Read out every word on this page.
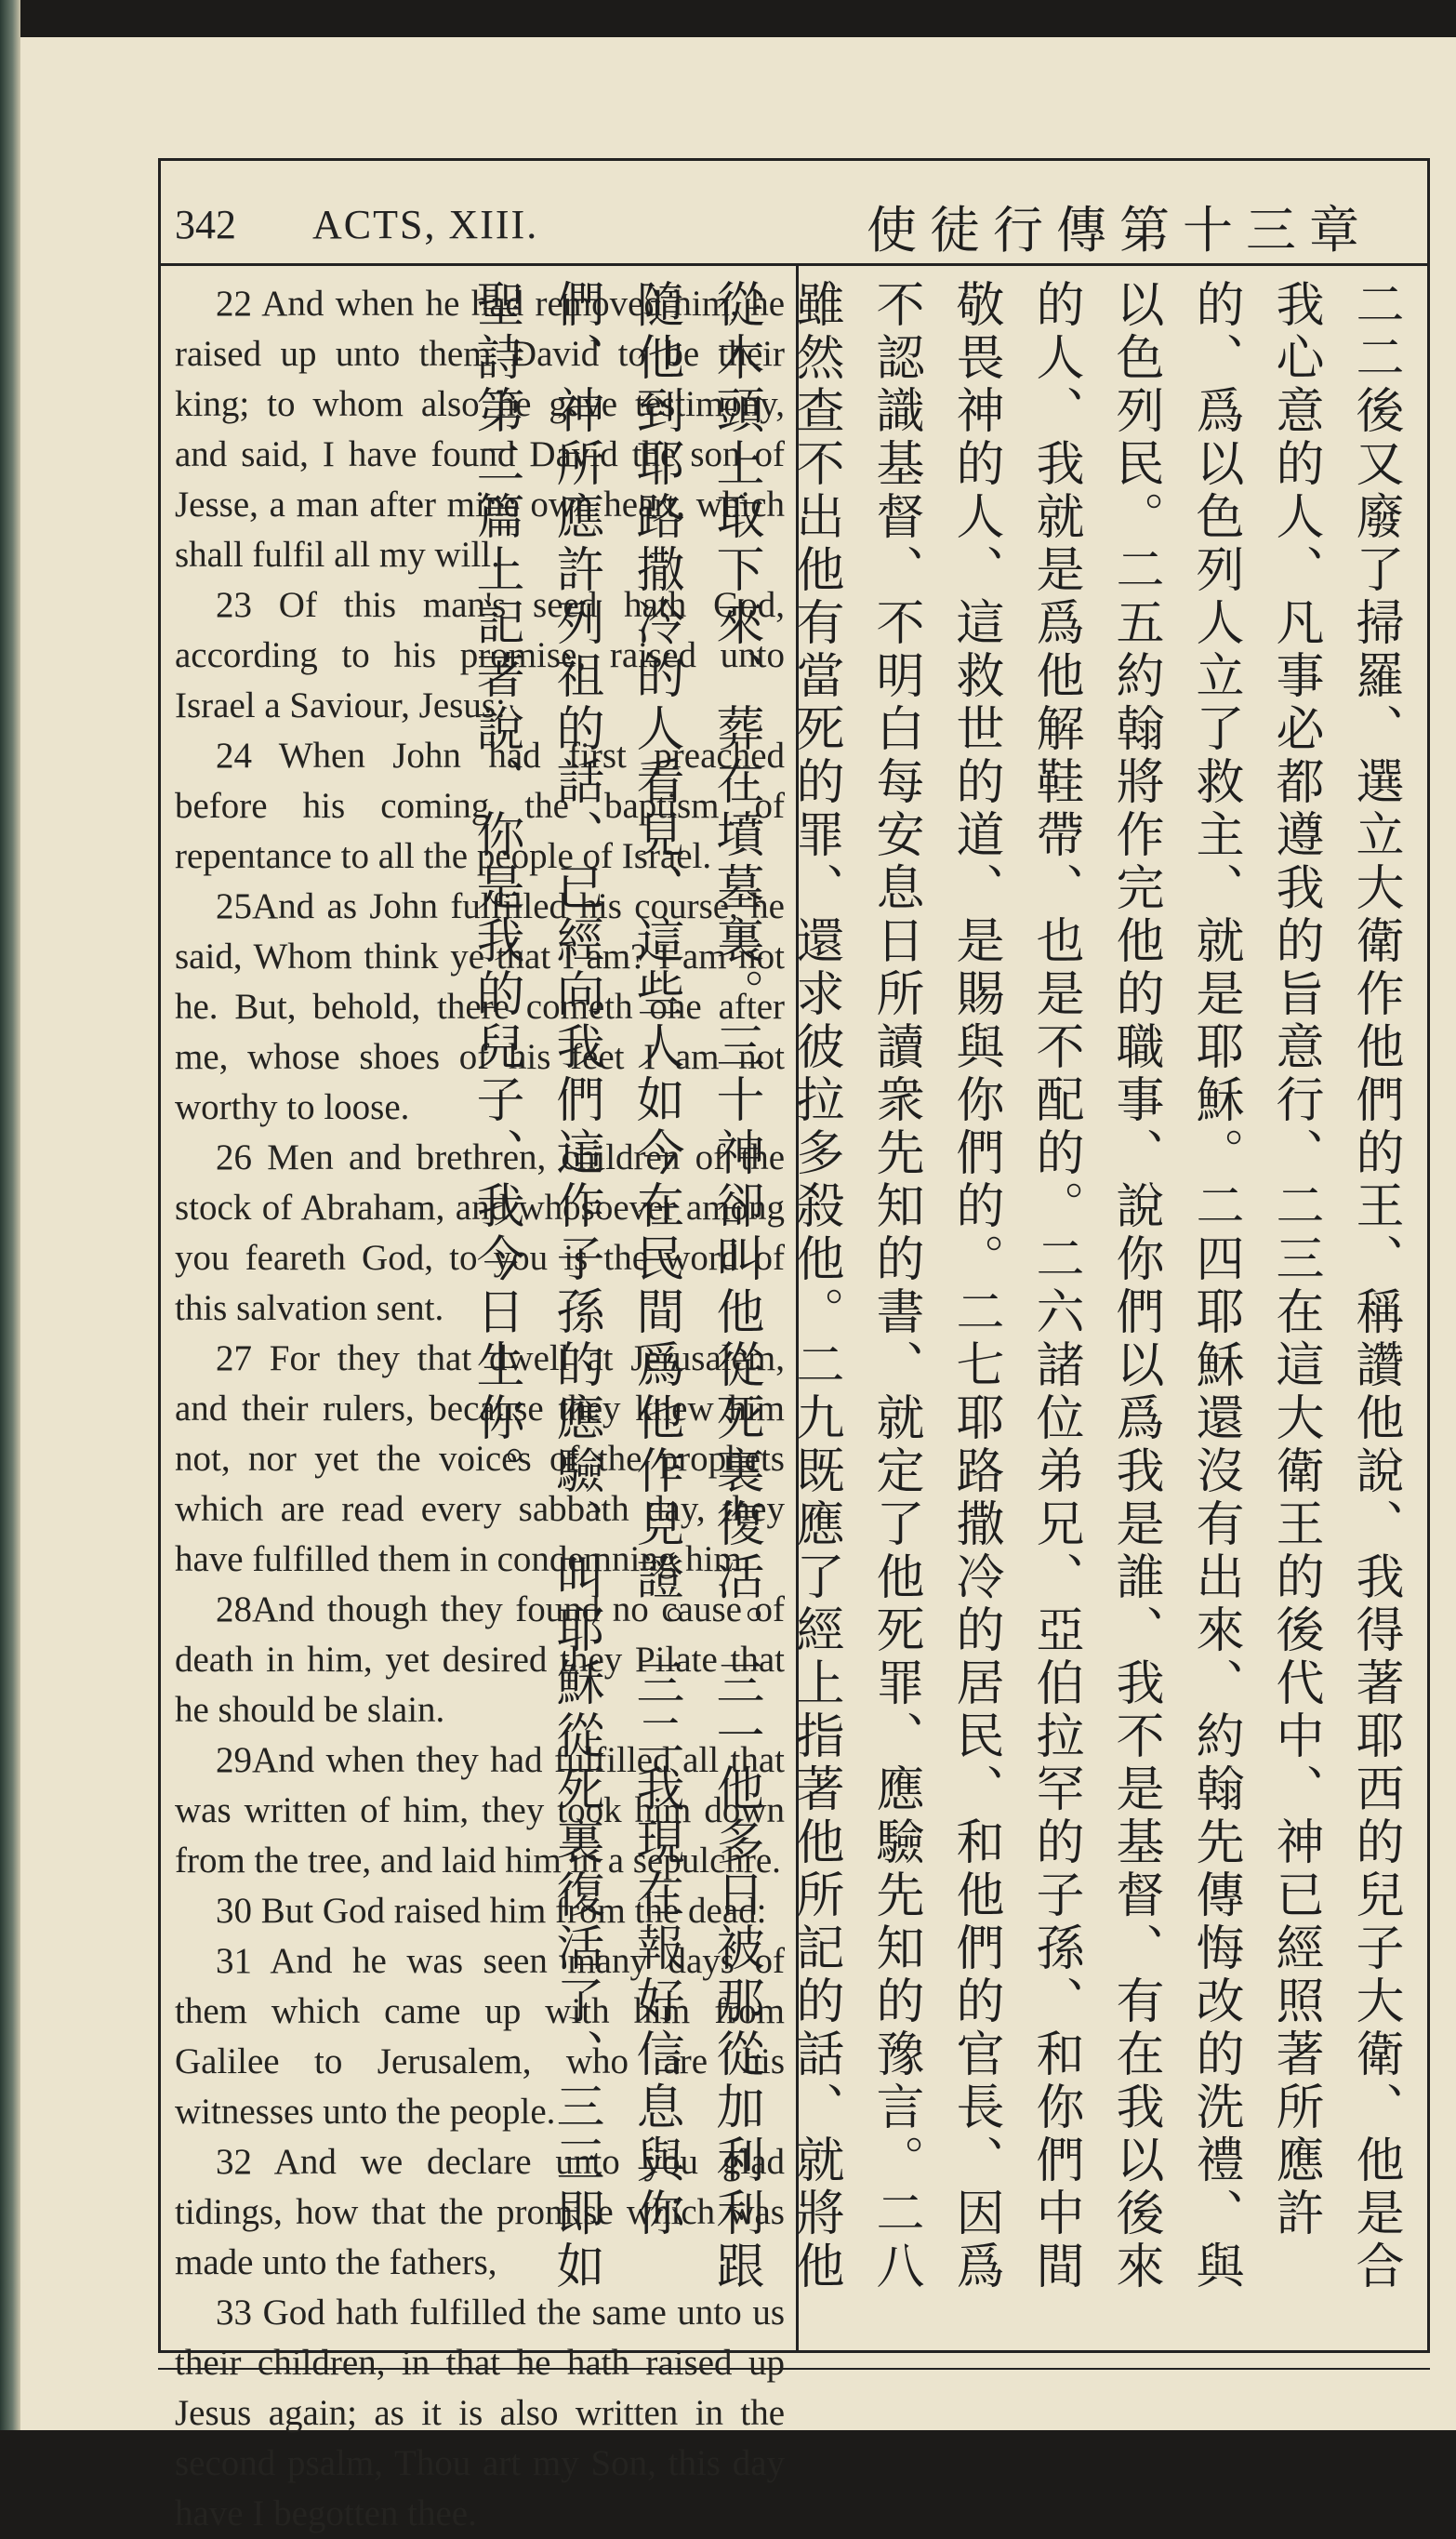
342 ACTS, XIII.	使徒行傳第十三章

22 And when he had removed him, he raised up unto them David to be their king; to whom also he gave testimony, and said, I have found David the son of Jesse, a man after mine own heart, which shall fulfil all my will.

23 Of this man's seed hath God, according to his promise, raised unto Israel a Saviour, Jesus:

24 When John had first preached before his coming the baptism of repentance to all the people of Israel.

25And as John fulfilled his course, he said, Whom think ye that I am? I am not he. But, behold, there cometh one after me, whose shoes of his feet I am not worthy to loose.

26 Men and brethren, children of the stock of Abraham, and whosoever among you feareth God, to you is the word of this salvation sent.

27 For they that dwell at Jerusalem, and their rulers, because they knew him not, nor yet the voices of the prophets which are read every sabbath day, they have fulfilled them in condemning him.

28And though they found no cause of death in him, yet desired they Pilate that he should be slain.

29And when they had fulfilled all that was written of him, they took him down from the tree, and laid him in a sepulchre.

30 But God raised him from the dead:

31 And he was seen many days of them which came up with him from Galilee to Jerusalem, who are his witnesses unto the people.

32 And we declare unto you glad tidings, how that the promise which was made unto the fathers,

33 God hath fulfilled the same unto us their children, in that he hath raised up Jesus again; as it is also written in the second psalm, Thou art my Son, this day have I begotten thee.

二二後又廢了掃羅、選立大衛作他們的王、稱讚他說、我得著耶西的兒子大衛、他是合我心意的人、凡事必都遵我的旨意行、二三在這大衛王的後代中、神已經照著所應許的、爲以色列人立了救主、就是耶穌。二四耶穌還沒有出來、約翰先傳悔改的洗禮、與以色列民。二五約翰將作完他的職事、說你們以爲我是誰、我不是基督、有在我以後來的人、我就是爲他解鞋帶、也是不配的。二六諸位弟兄、亞伯拉罕的子孫、和你們中間敬畏神的人、這救世的道、是賜與你們的。二七耶路撒冷的居民、和他們的官長、因爲不認識基督、不明白每安息日所讀衆先知的書、就定了他死罪、應驗先知的豫言。二八雖然查不出他有當死的罪、還求彼拉多殺他。二九既應了經上指著他所記的話、就將他從木頭上取下來、葬在墳墓裏。三十神卻叫他從死裏復活。三一他多日被那從加利利跟隨他到耶路撒冷的人看見、這些人如今在民間爲他作見證。三二我現在報好信息與你們、神所應許列祖的話、已經向我們這作子孫的應驗、叫耶穌從死裏復活了、三三即如聖詩第二篇上記著說、你是我的兒子、我今日生你。
